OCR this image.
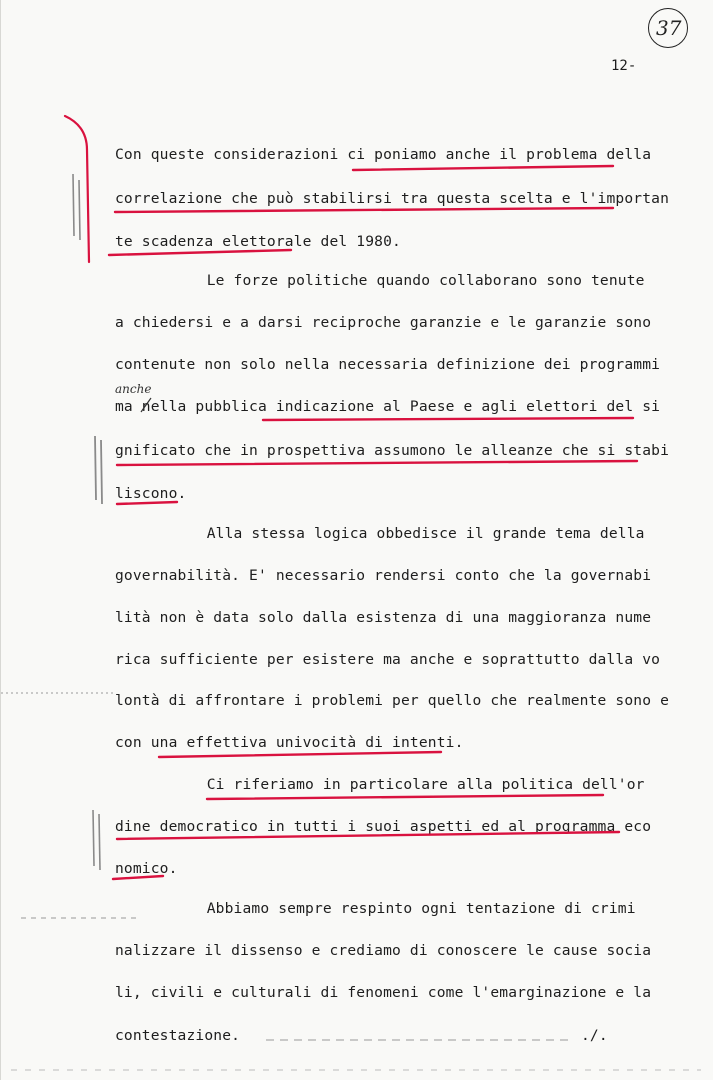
37
12-
anche
Con queste considerazioni ci poniamo anche il problema della
correlazione che può stabilirsi tra questa scelta e l'importan
te scadenza elettorale del 1980.
Le forze politiche quando collaborano sono tenute
a chiedersi e a darsi reciproche garanzie e le garanzie sono
contenute non solo nella necessaria definizione dei programmi
ma nella pubblica indicazione al Paese e agli elettori del si
gnificato che in prospettiva assumono le alleanze che si stabi
liscono.
Alla stessa logica obbedisce il grande tema della
governabilità. E' necessario rendersi conto che la governabi
lità non è data solo dalla esistenza di una maggioranza nume
rica sufficiente per esistere ma anche e soprattutto dalla vo
lontà di affrontare i problemi per quello che realmente sono e
con una effettiva univocità di intenti.
Ci riferiamo in particolare alla politica dell'or
dine democratico in tutti i suoi aspetti ed al programma eco
nomico.
Abbiamo sempre respinto ogni tentazione di crimi
nalizzare il dissenso e crediamo di conoscere le cause socia
li, civili e culturali di fenomeni come l'emarginazione e la
contestazione.	./.
